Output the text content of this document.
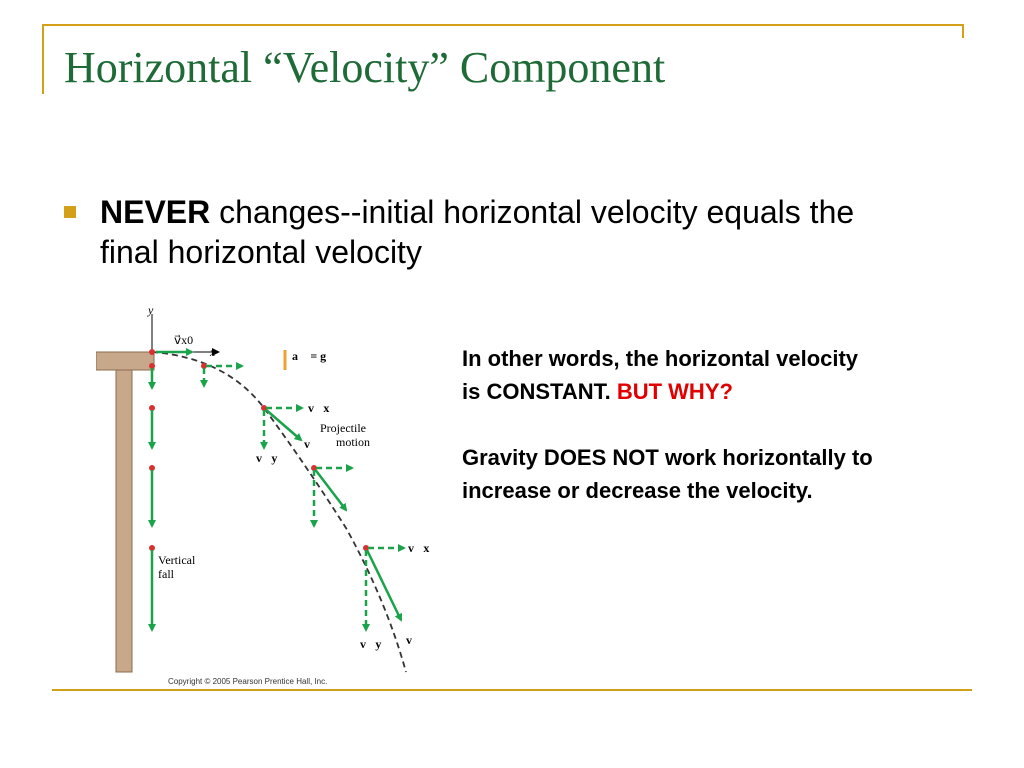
Horizontal “Velocity” Component

NEVER changes--initial horizontal velocity equals the final horizontal velocity

In other words, the horizontal velocity is CONSTANT. BUT WHY?
Gravity DOES NOT work horizontally to increase or decrease the velocity.
y
x
v⃗x0
a⃗ = g⃗
v⃗x
v⃗y
v⃗
v⃗x
v⃗y v⃗
Projectile
motion
Vertical
fall
Copyright © 2005 Pearson Prentice Hall, Inc.
